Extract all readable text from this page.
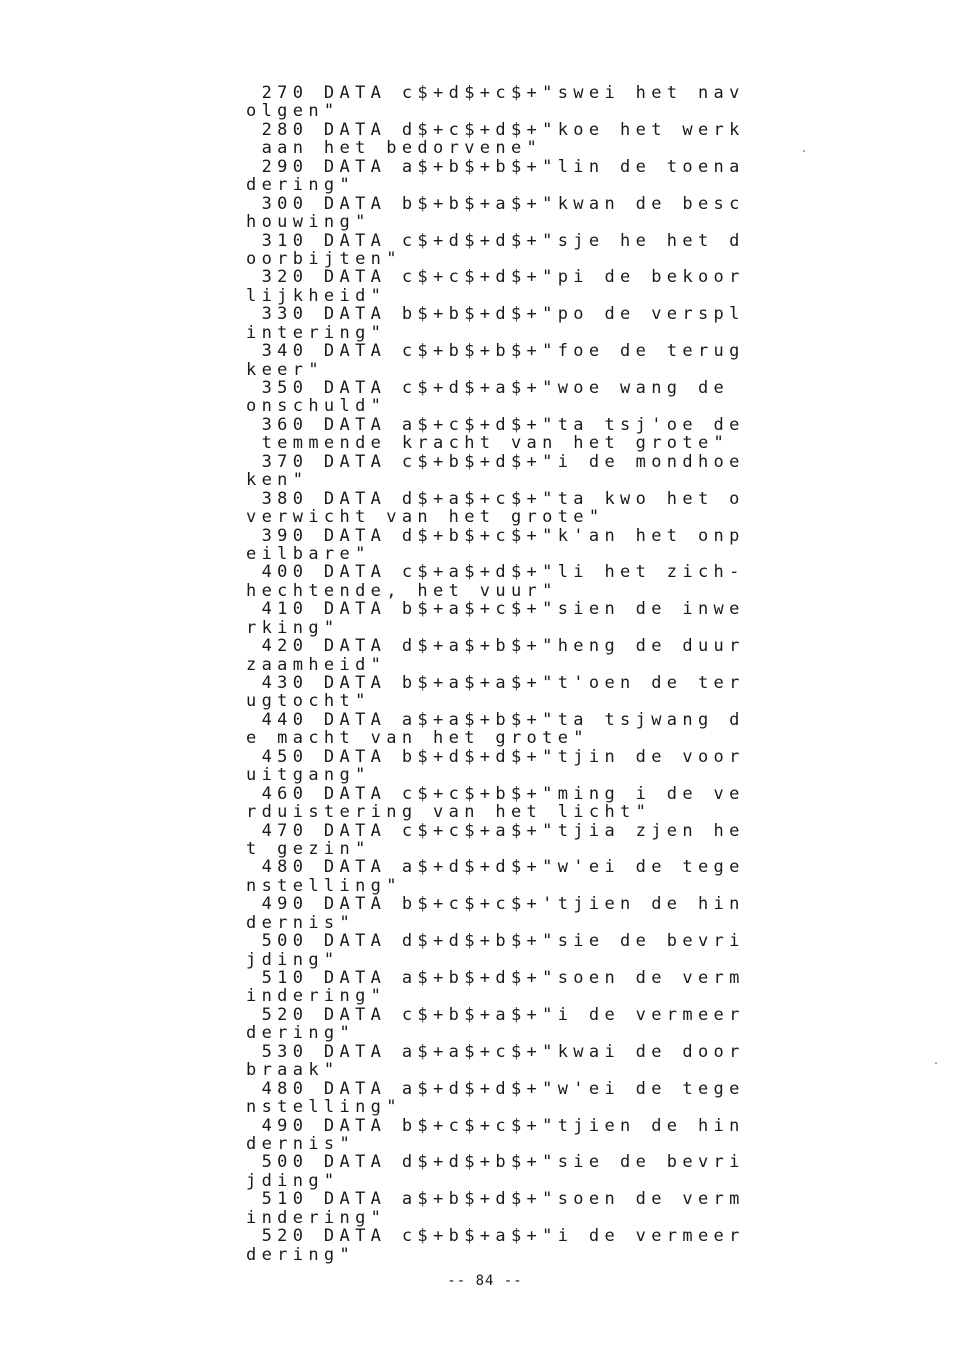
270 DATA c$+d$+c$+"swei het nav
olgen"
280 DATA d$+c$+d$+"koe het werk
aan het bedorvene"
290 DATA a$+b$+b$+"lin de toena
dering"
300 DATA b$+b$+a$+"kwan de besc
houwing"
310 DATA c$+d$+d$+"sje he het d
oorbijten"
320 DATA c$+c$+d$+"pi de bekoor
lijkheid"
330 DATA b$+b$+d$+"po de verspl
intering"
340 DATA c$+b$+b$+"foe de terug
keer"
350 DATA c$+d$+a$+"woe wang de
onschuld"
360 DATA a$+c$+d$+"ta tsj'oe de
temmende kracht van het grote"
370 DATA c$+b$+d$+"i de mondhoe
ken"
380 DATA d$+a$+c$+"ta kwo het o
verwicht van het grote"
390 DATA d$+b$+c$+"k'an het onp
eilbare"
400 DATA c$+a$+d$+"li het zich-
hechtende, het vuur"
410 DATA b$+a$+c$+"sien de inwe
rking"
420 DATA d$+a$+b$+"heng de duur
zaamheid"
430 DATA b$+a$+a$+"t'oen de ter
ugtocht"
440 DATA a$+a$+b$+"ta tsjwang d
e macht van het grote"
450 DATA b$+d$+d$+"tjin de voor
uitgang"
460 DATA c$+c$+b$+"ming i de ve
rduistering van het licht"
470 DATA c$+c$+a$+"tjia zjen he
t gezin"
480 DATA a$+d$+d$+"w'ei de tege
nstelling"
490 DATA b$+c$+c$+'tjien de hin
dernis"
500 DATA d$+d$+b$+"sie de bevri
jding"
510 DATA a$+b$+d$+"soen de verm
indering"
520 DATA c$+b$+a$+"i de vermeer
dering"
530 DATA a$+a$+c$+"kwai de door
braak"
480 DATA a$+d$+d$+"w'ei de tege
nstelling"
490 DATA b$+c$+c$+"tjien de hin
dernis"
500 DATA d$+d$+b$+"sie de bevri
jding"
510 DATA a$+b$+d$+"soen de verm
indering"
520 DATA c$+b$+a$+"i de vermeer
dering"
-- 84 --
